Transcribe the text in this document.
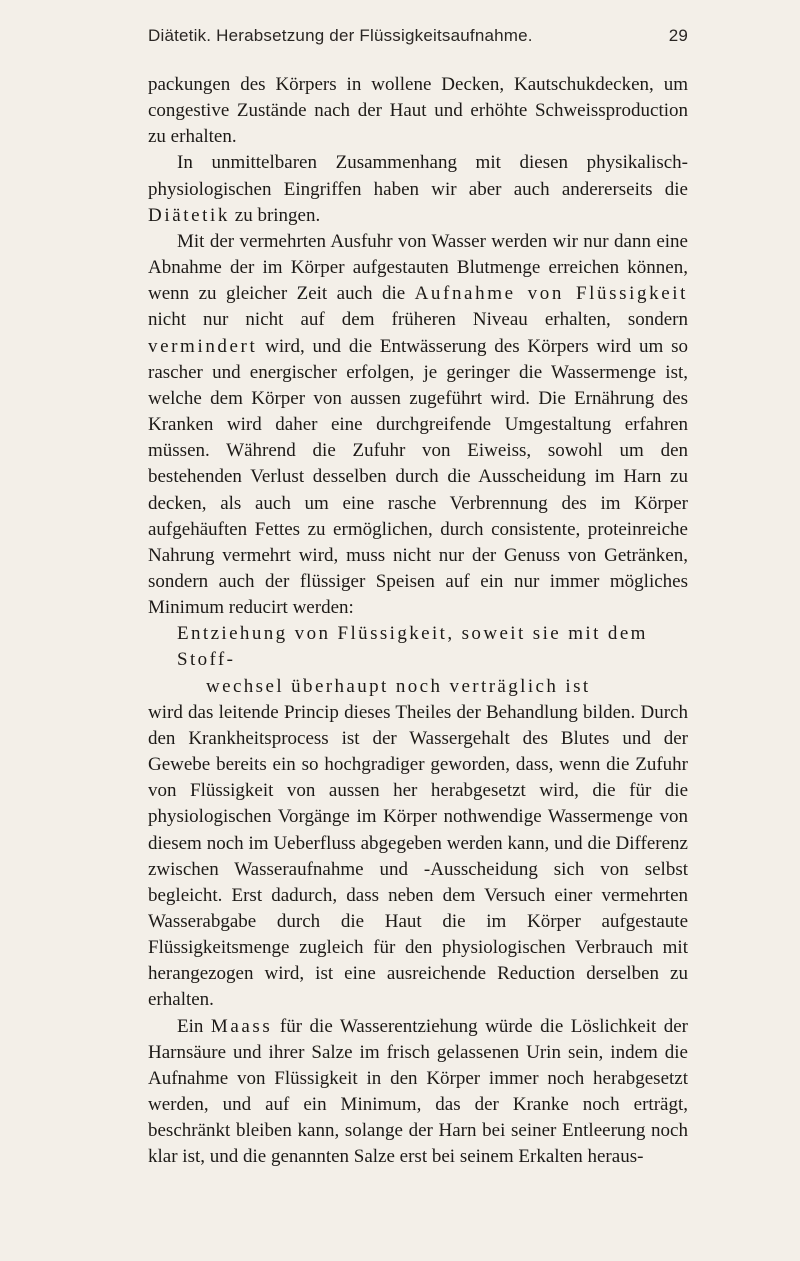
Diätetik. Herabsetzung der Flüssigkeitsaufnahme.	29

packungen des Körpers in wollene Decken, Kautschukdecken, um congestive Zustände nach der Haut und erhöhte Schweissproduction zu erhalten.

In unmittelbaren Zusammenhang mit diesen physikalisch-physiologischen Eingriffen haben wir aber auch andererseits die Diätetik zu bringen.

Mit der vermehrten Ausfuhr von Wasser werden wir nur dann eine Abnahme der im Körper aufgestauten Blutmenge erreichen können, wenn zu gleicher Zeit auch die Aufnahme von Flüssigkeit nicht nur nicht auf dem früheren Niveau erhalten, sondern vermindert wird, und die Entwässerung des Körpers wird um so rascher und energischer erfolgen, je geringer die Wassermenge ist, welche dem Körper von aussen zugeführt wird. Die Ernährung des Kranken wird daher eine durchgreifende Umgestaltung erfahren müssen. Während die Zufuhr von Eiweiss, sowohl um den bestehenden Verlust desselben durch die Ausscheidung im Harn zu decken, als auch um eine rasche Verbrennung des im Körper aufgehäuften Fettes zu ermöglichen, durch consistente, proteinreiche Nahrung vermehrt wird, muss nicht nur der Genuss von Getränken, sondern auch der flüssiger Speisen auf ein nur immer mögliches Minimum reducirt werden:

Entziehung von Flüssigkeit, soweit sie mit dem Stoff-

wechsel überhaupt noch verträglich ist

wird das leitende Princip dieses Theiles der Behandlung bilden. Durch den Krankheitsprocess ist der Wassergehalt des Blutes und der Gewebe bereits ein so hochgradiger geworden, dass, wenn die Zufuhr von Flüssigkeit von aussen her herabgesetzt wird, die für die physiologischen Vorgänge im Körper nothwendige Wassermenge von diesem noch im Ueberfluss abgegeben werden kann, und die Differenz zwischen Wasseraufnahme und -Ausscheidung sich von selbst begleicht. Erst dadurch, dass neben dem Versuch einer vermehrten Wasserabgabe durch die Haut die im Körper aufgestaute Flüssigkeitsmenge zugleich für den physiologischen Verbrauch mit herangezogen wird, ist eine ausreichende Reduction derselben zu erhalten.

Ein Maass für die Wasserentziehung würde die Löslichkeit der Harnsäure und ihrer Salze im frisch gelassenen Urin sein, indem die Aufnahme von Flüssigkeit in den Körper immer noch herabgesetzt werden, und auf ein Minimum, das der Kranke noch erträgt, beschränkt bleiben kann, solange der Harn bei seiner Entleerung noch klar ist, und die genannten Salze erst bei seinem Erkalten heraus-
